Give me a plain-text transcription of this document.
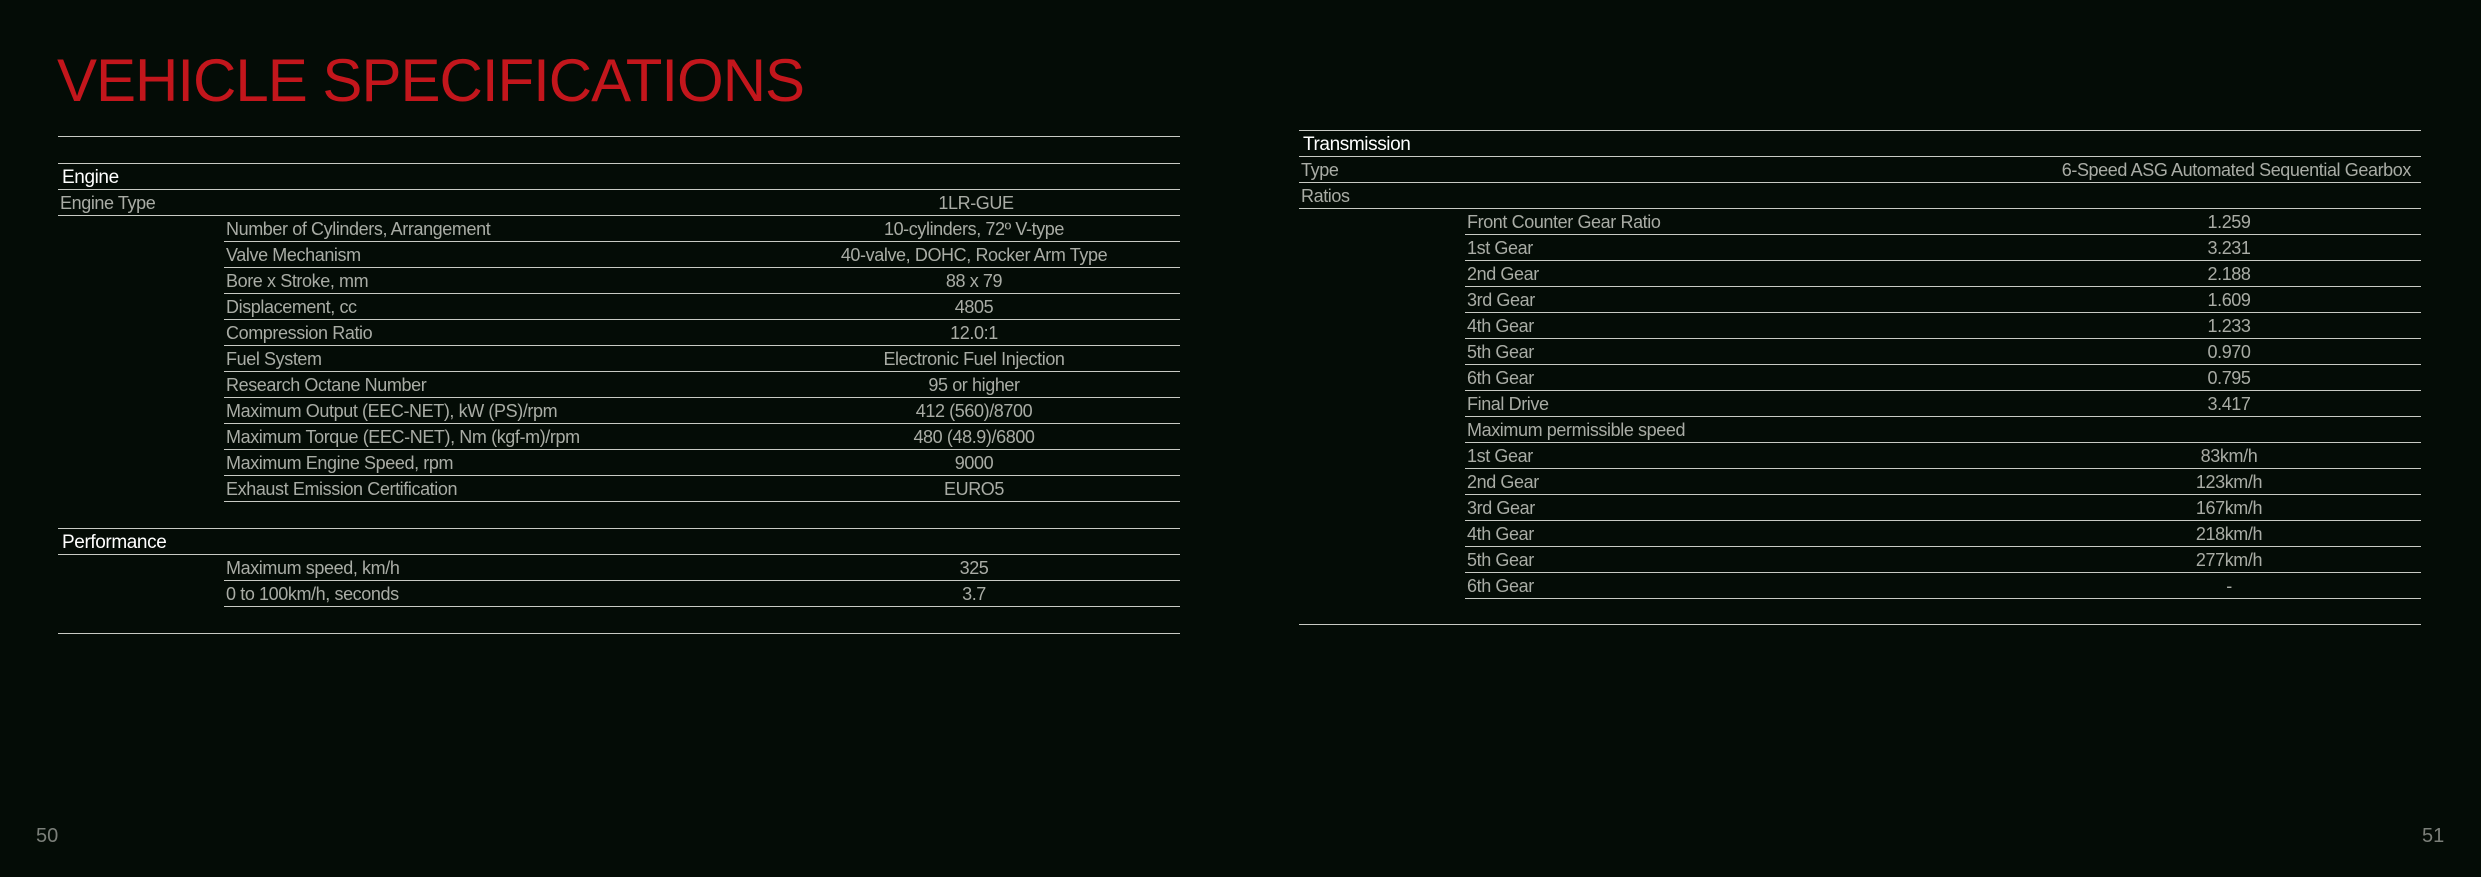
VEHICLE SPECIFICATIONS
Engine
Engine Type	1LR-GUE
Number of Cylinders, Arrangement	10-cylinders, 72º V-type
Valve Mechanism	40-valve, DOHC, Rocker Arm Type
Bore x Stroke, mm	88 x 79
Displacement, cc	4805
Compression Ratio	12.0:1
Fuel System	Electronic Fuel Injection
Research Octane Number	95 or higher
Maximum Output (EEC-NET), kW (PS)/rpm	412 (560)/8700
Maximum Torque (EEC-NET), Nm (kgf-m)/rpm	480 (48.9)/6800
Maximum Engine Speed, rpm	9000
Exhaust Emission Certification	EURO5
Performance
Maximum speed, km/h	325
0 to 100km/h, seconds	3.7
Transmission
Type	6-Speed ASG Automated Sequential Gearbox
Ratios
Front Counter Gear Ratio	1.259
1st Gear	3.231
2nd Gear	2.188
3rd Gear	1.609
4th Gear	1.233
5th Gear	0.970
6th Gear	0.795
Final Drive	3.417
Maximum permissible speed
1st Gear	83km/h
2nd Gear	123km/h
3rd Gear	167km/h
4th Gear	218km/h
5th Gear	277km/h
6th Gear	-
50	51
